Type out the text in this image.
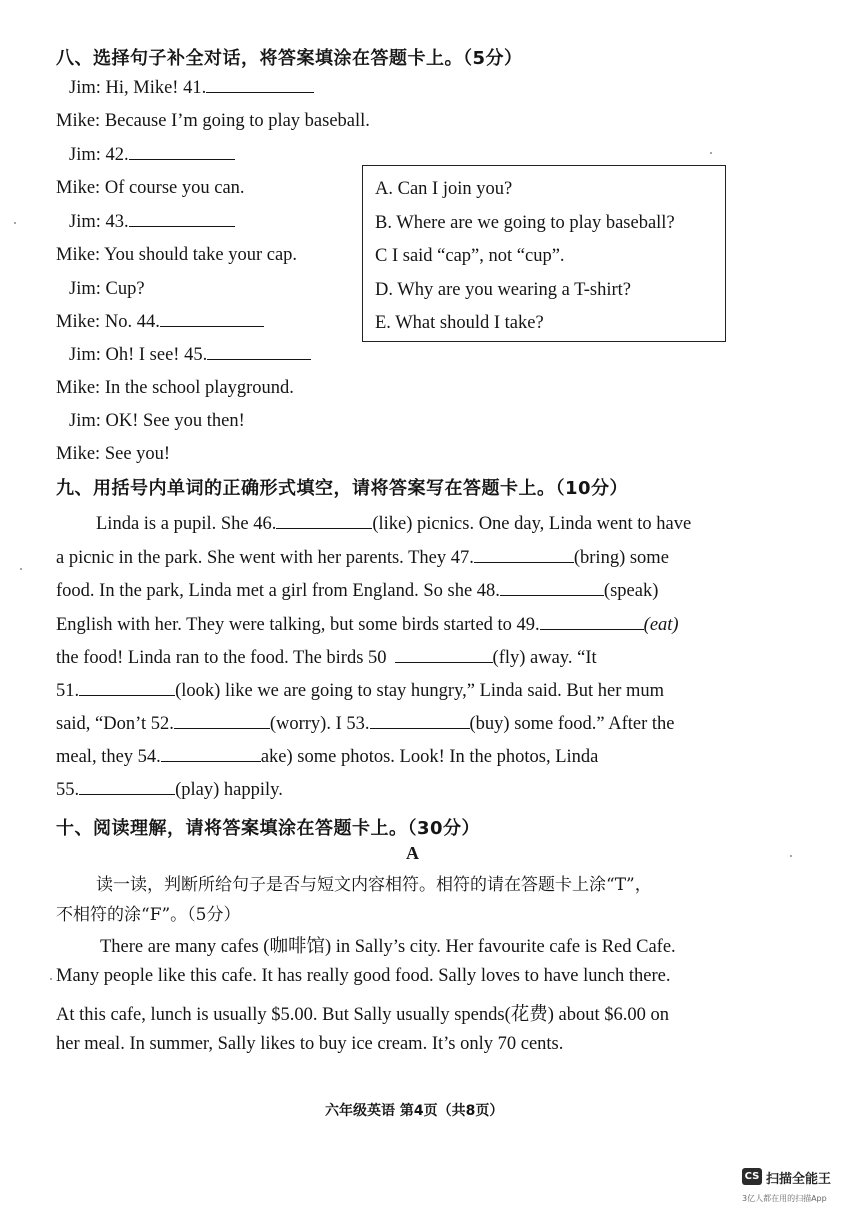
八、选择句子补全对话，将答案填涂在答题卡上。（5分）
Jim: Hi, Mike! 41.
Mike: Because I’m going to play baseball.
Jim: 42.
Mike: Of course you can.
Jim: 43.
Mike: You should take your cap.
Jim: Cup?
Mike: No. 44.
Jim: Oh! I see! 45.
Mike: In the school playground.
Jim: OK! See you then!
Mike: See you!
A. Can I join you?
B. Where are we going to play baseball?
C I said “cap”, not “cup”.
D. Why are you wearing a T-shirt?
E. What should I take?
九、用括号内单词的正确形式填空，请将答案写在答题卡上。（10分）
Linda is a pupil. She 46.	(like) picnics. One day, Linda went to have
a picnic in the park. She went with her parents. They 47.	(bring) some
food. In the park, Linda met a girl from England. So she 48.	(speak)
English with her. They were talking, but some birds started to 49.	(eat)
the food! Linda ran to the food. The birds 50	(fly) away. “It
51.	(look) like we are going to stay hungry,” Linda said. But her mum
said, “Don’t 52.	(worry). I 53.	(buy) some food.” After the
meal, they 54.	ake) some photos. Look! In the photos, Linda
55.	(play) happily.
十、阅读理解，请将答案填涂在答题卡上。（30分）
A
读一读，判断所给句子是否与短文内容相符。相符的请在答题卡上涂“T”，
不相符的涂“F”。（5分）
There are many cafes (咖啡馆) in Sally’s city. Her favourite cafe is Red Cafe.
Many people like this cafe. It has really good food. Sally loves to have lunch there.
At this cafe, lunch is usually $5.00. But Sally usually spends(花费) about $6.00 on
her meal. In summer, Sally likes to buy ice cream. It’s only 70 cents.
六年级英语 第4页（共8页）
CS 扫描全能王
3亿人都在用的扫描App
